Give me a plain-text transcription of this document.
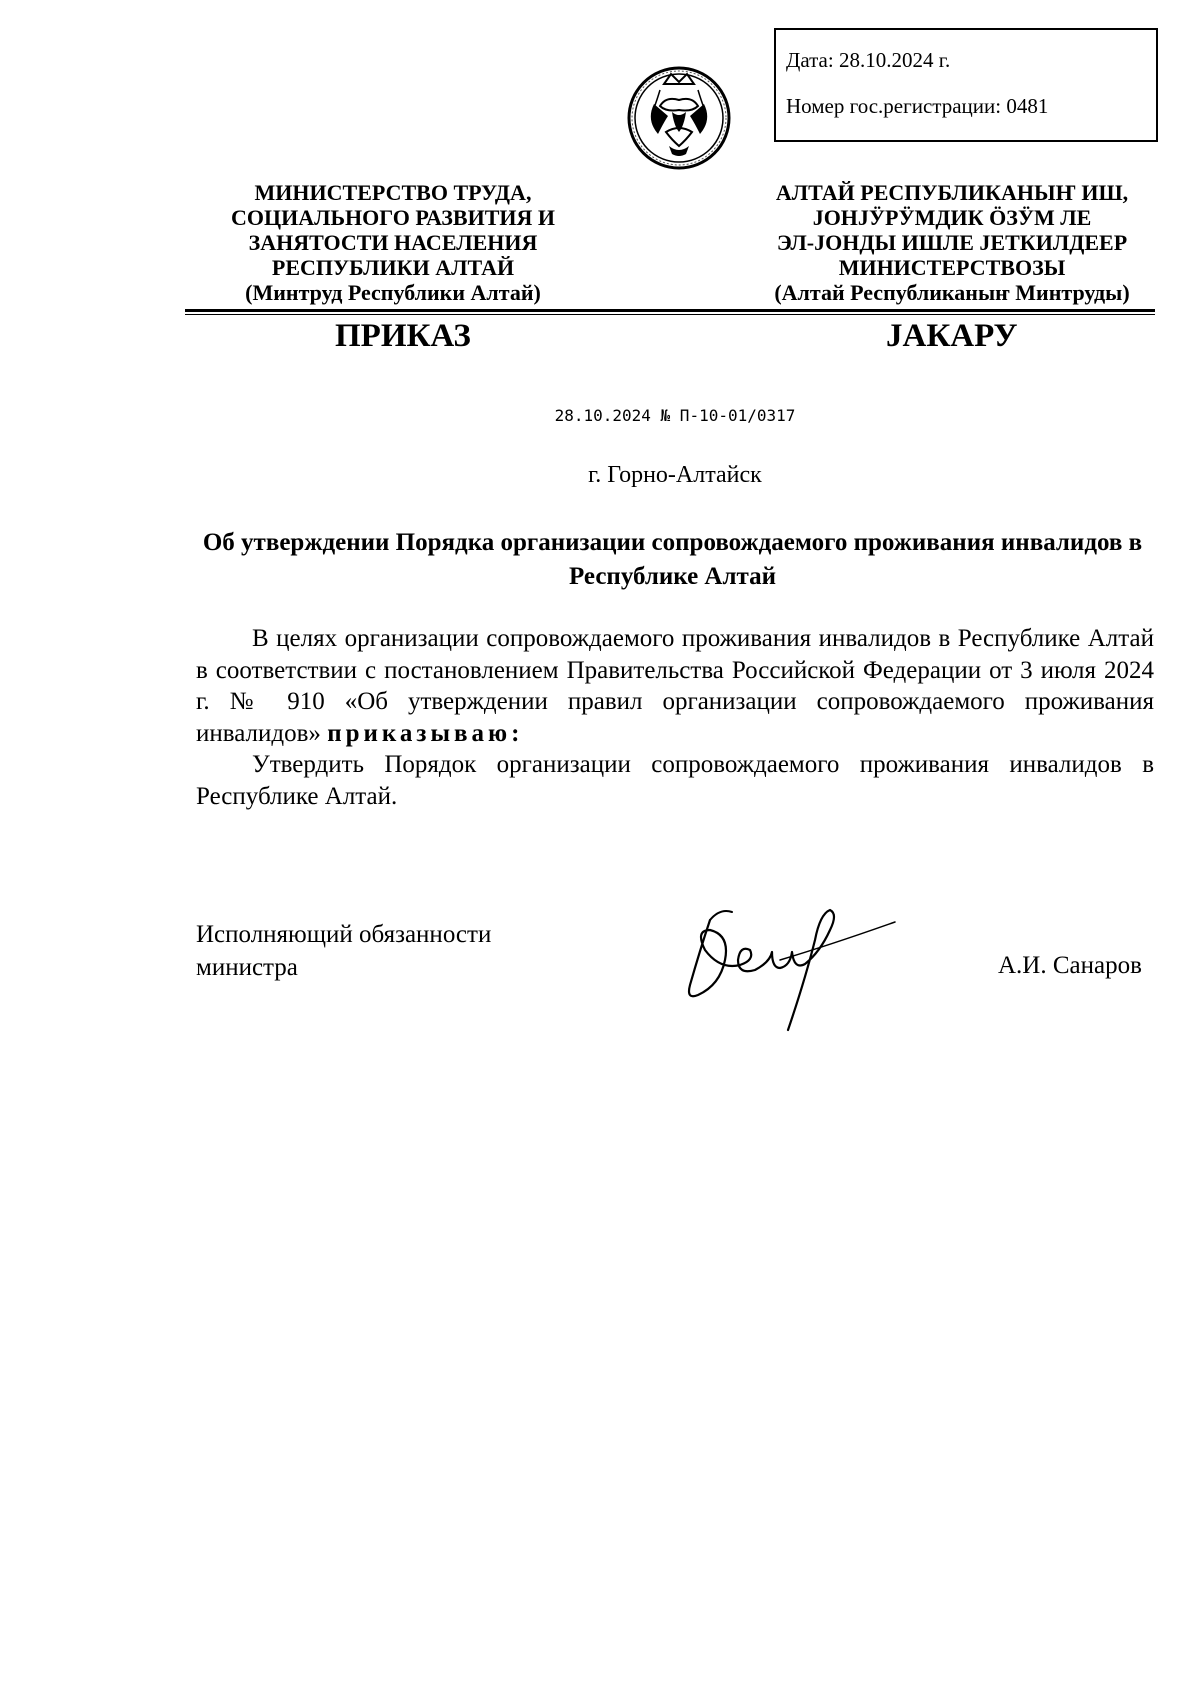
Дата: 28.10.2024 г.
Номер гос.регистрации: 0481
МИНИСТЕРСТВО ТРУДА,
СОЦИАЛЬНОГО РАЗВИТИЯ И
ЗАНЯТОСТИ НАСЕЛЕНИЯ
РЕСПУБЛИКИ АЛТАЙ
(Минтруд Республики Алтай)
АЛТАЙ РЕСПУБЛИКАНЫҤ ИШ,
JОНJӰРӰМДИК ӦЗӰМ ЛЕ
ЭЛ-JОНДЫ ИШЛЕ JЕТКИЛДЕЕР
МИНИСТЕРСТВОЗЫ
(Алтай Республиканыҥ Минтруды)
ПРИКАЗ	JАКАРУ
28.10.2024 № П-10-01/0317
г. Горно-Алтайск
Об утверждении Порядка организации сопровождаемого проживания инвалидов в Республике Алтай

В целях организации сопровождаемого проживания инвалидов в Республике Алтай в соответствии с постановлением Правительства Российской Федерации от 3 июля 2024 г. № 910 «Об утверждении правил организации сопровождаемого проживания инвалидов» приказываю:

Утвердить Порядок организации сопровождаемого проживания инвалидов в Республике Алтай.

Исполняющий обязанности
министра	А.И. Санаров
